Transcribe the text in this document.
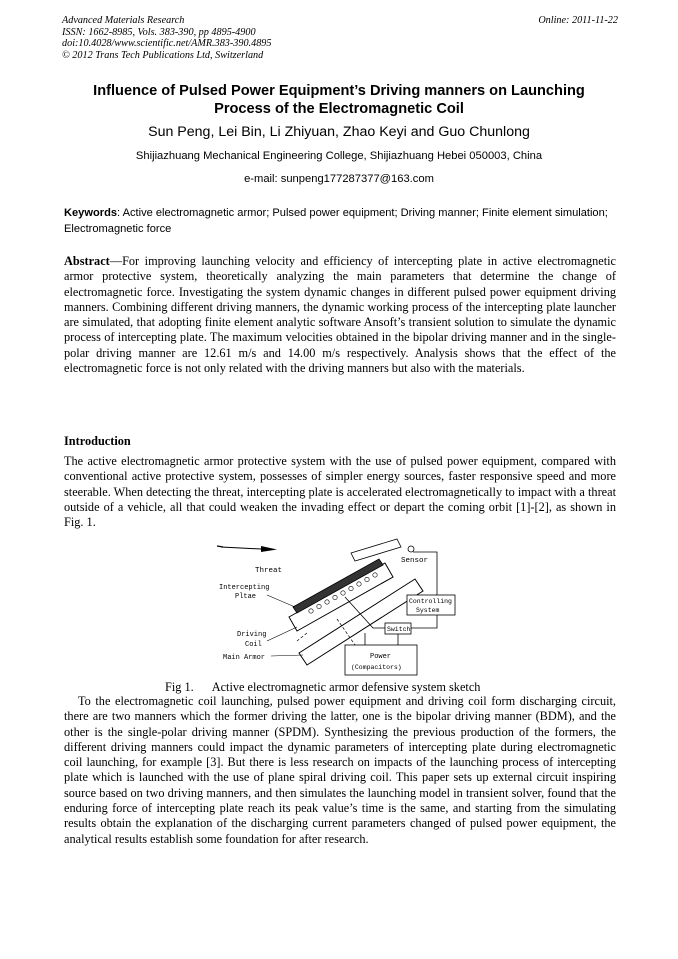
Advanced Materials Research
ISSN: 1662-8985, Vols. 383-390, pp 4895-4900
doi:10.4028/www.scientific.net/AMR.383-390.4895
© 2012 Trans Tech Publications Ltd, Switzerland
Online: 2011-11-22
Influence of Pulsed Power Equipment’s Driving manners on Launching
Process of the Electromagnetic Coil
Sun Peng, Lei Bin, Li Zhiyuan, Zhao Keyi and Guo Chunlong
Shijiazhuang Mechanical Engineering College, Shijiazhuang Hebei 050003, China
e-mail: sunpeng177287377@163.com
Keywords: Active electromagnetic armor; Pulsed power equipment; Driving manner; Finite element simulation; Electromagnetic force
Abstract—For improving launching velocity and efficiency of intercepting plate in active electromagnetic armor protective system, theoretically analyzing the main parameters that determine the change of electromagnetic force. Investigating the system dynamic changes in different pulsed power equipment driving manners. Combining different driving manners, the dynamic working process of the intercepting plate launcher are simulated, that adopting finite element analytic software Ansoft’s transient solution to simulate the dynamic process of intercepting plate. The maximum velocities obtained in the bipolar driving manner and in the single-polar driving manner are 12.61 m/s and 14.00 m/s respectively. Analysis shows that the effect of the electromagnetic force is not only related with the driving manners but also with the materials.
Introduction
The active electromagnetic armor protective system with the use of pulsed power equipment, compared with conventional active protective system, possesses of simpler energy sources, faster responsive speed and more steerable. When detecting the threat, intercepting plate is accelerated electromagnetically to impact with a threat outside of a vehicle, all that could weaken the invading effect or depart the coming orbit [1]-[2], as shown in Fig. 1.
Sensor
Controlling
System
Switch
Power
(Compacitors)
Threat
Intercepting
Pltae
Driving
Coil
Main Armor
Fig 1. Active electromagnetic armor defensive system sketch
To the electromagnetic coil launching, pulsed power equipment and driving coil form discharging circuit, there are two manners which the former driving the latter, one is the bipolar driving manner (BDM), and the other is the single-polar driving manner (SPDM). Synthesizing the previous production of the formers, the different driving manners could impact the dynamic parameters of intercepting plate during electromagnetic coil launching, for example [3]. But there is less research on impacts of the launching process of intercepting plate which is launched with the use of plane spiral driving coil. This paper sets up external circuit inspiring source based on two driving manners, and then simulates the launching model in transient solver, found that the enduring force of intercepting plate reach its peak value’s time is the same, and starting from the simulating results obtain the explanation of the discharging current parameters changed of pulsed power equipment, the analytical results establish some foundation for after research.
